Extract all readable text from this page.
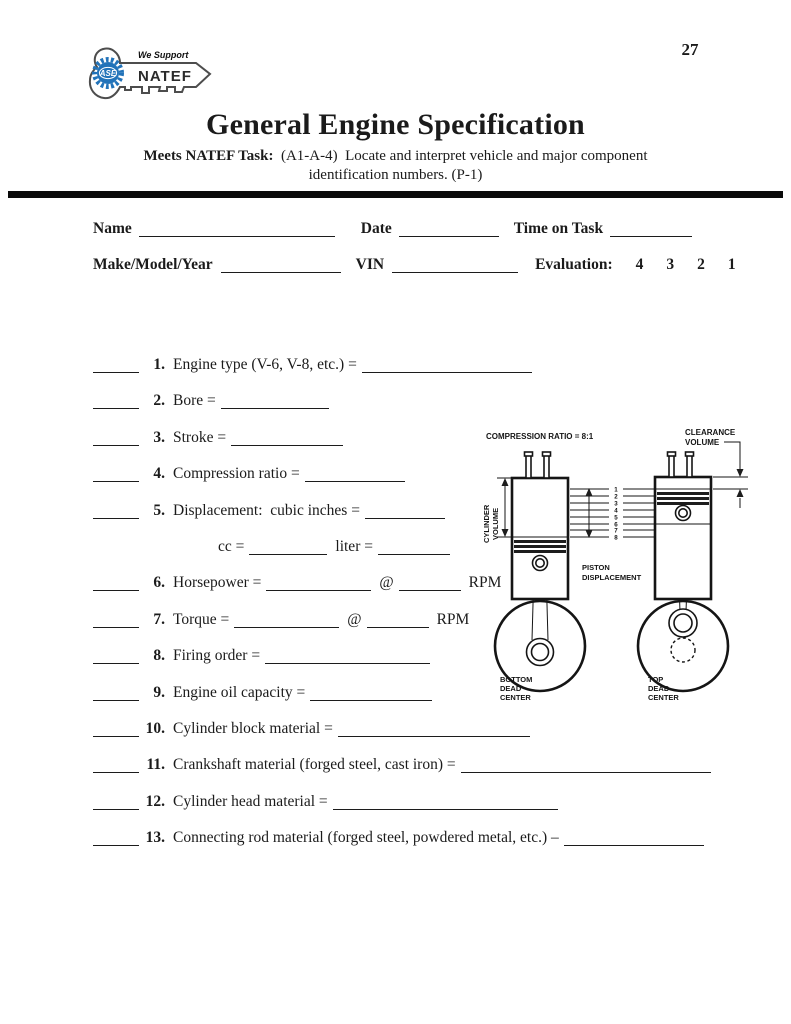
ASE
We Support
NATEF
27
General Engine Specification
Meets NATEF Task:  (A1-A-4)  Locate and interpret vehicle and major component
identification numbers. (P-1)
Name	Date	Time on Task
Make/Model/Year	VIN	Evaluation: 4 3 2 1
1. Engine type (V-6, V-8, etc.) =
2. Bore =
3. Stroke =
4. Compression ratio =
5. Displacement:  cubic inches =
cc =	liter =
6. Horsepower =	@	RPM
7. Torque =	@	RPM
8. Firing order =
9. Engine oil capacity =
10. Cylinder block material =
11. Crankshaft material (forged steel, cast iron) =
12. Cylinder head material =
13. Connecting rod material (forged steel, powdered metal, etc.) –
COMPRESSION RATIO = 8:1	CLEARANCE
VOLUME
1
2
3
4
5
6
7
8
PISTON
DISPLACEMENT
CYLINDER VOLUME
BOTTOM
DEAD
CENTER
TOP
DEAD
CENTER
